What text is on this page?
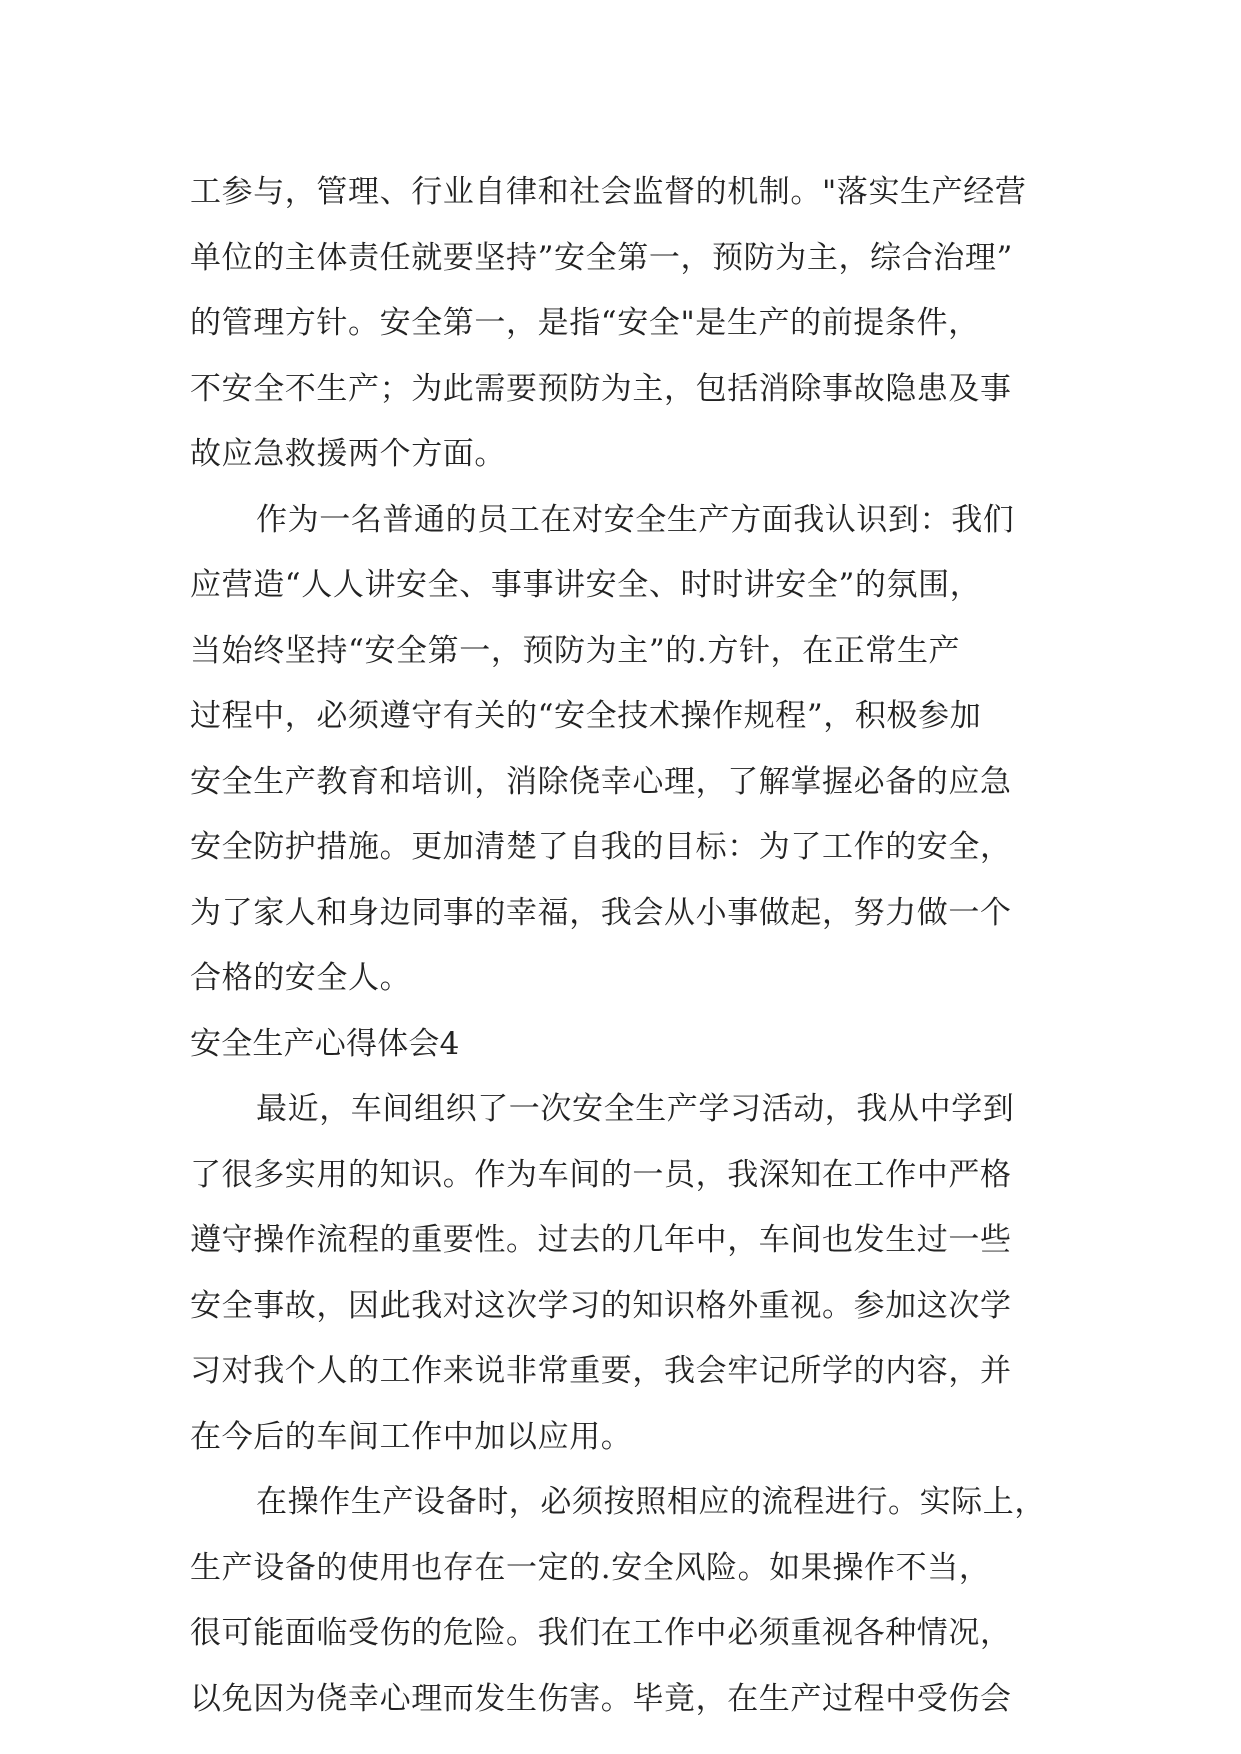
工参与，管理、行业自律和社会监督的机制。"落实生产经营
单位的主体责任就要坚持”安全第一，预防为主，综合治理”
的管理方针。安全第一，是指“安全"是生产的前提条件，
不安全不生产；为此需要预防为主，包括消除事故隐患及事
故应急救援两个方面。
作为一名普通的员工在对安全生产方面我认识到：我们
应营造“人人讲安全、事事讲安全、时时讲安全”的氛围，
当始终坚持“安全第一，预防为主”的.方针，在正常生产
过程中，必须遵守有关的“安全技术操作规程”，积极参加
安全生产教育和培训，消除侥幸心理，了解掌握必备的应急
安全防护措施。更加清楚了自我的目标：为了工作的安全，
为了家人和身边同事的幸福，我会从小事做起，努力做一个
合格的安全人。
安全生产心得体会4
最近，车间组织了一次安全生产学习活动，我从中学到
了很多实用的知识。作为车间的一员，我深知在工作中严格
遵守操作流程的重要性。过去的几年中，车间也发生过一些
安全事故，因此我对这次学习的知识格外重视。参加这次学
习对我个人的工作来说非常重要，我会牢记所学的内容，并
在今后的车间工作中加以应用。
在操作生产设备时，必须按照相应的流程进行。实际上，
生产设备的使用也存在一定的.安全风险。如果操作不当，
很可能面临受伤的危险。我们在工作中必须重视各种情况，
以免因为侥幸心理而发生伤害。毕竟，在生产过程中受伤会
